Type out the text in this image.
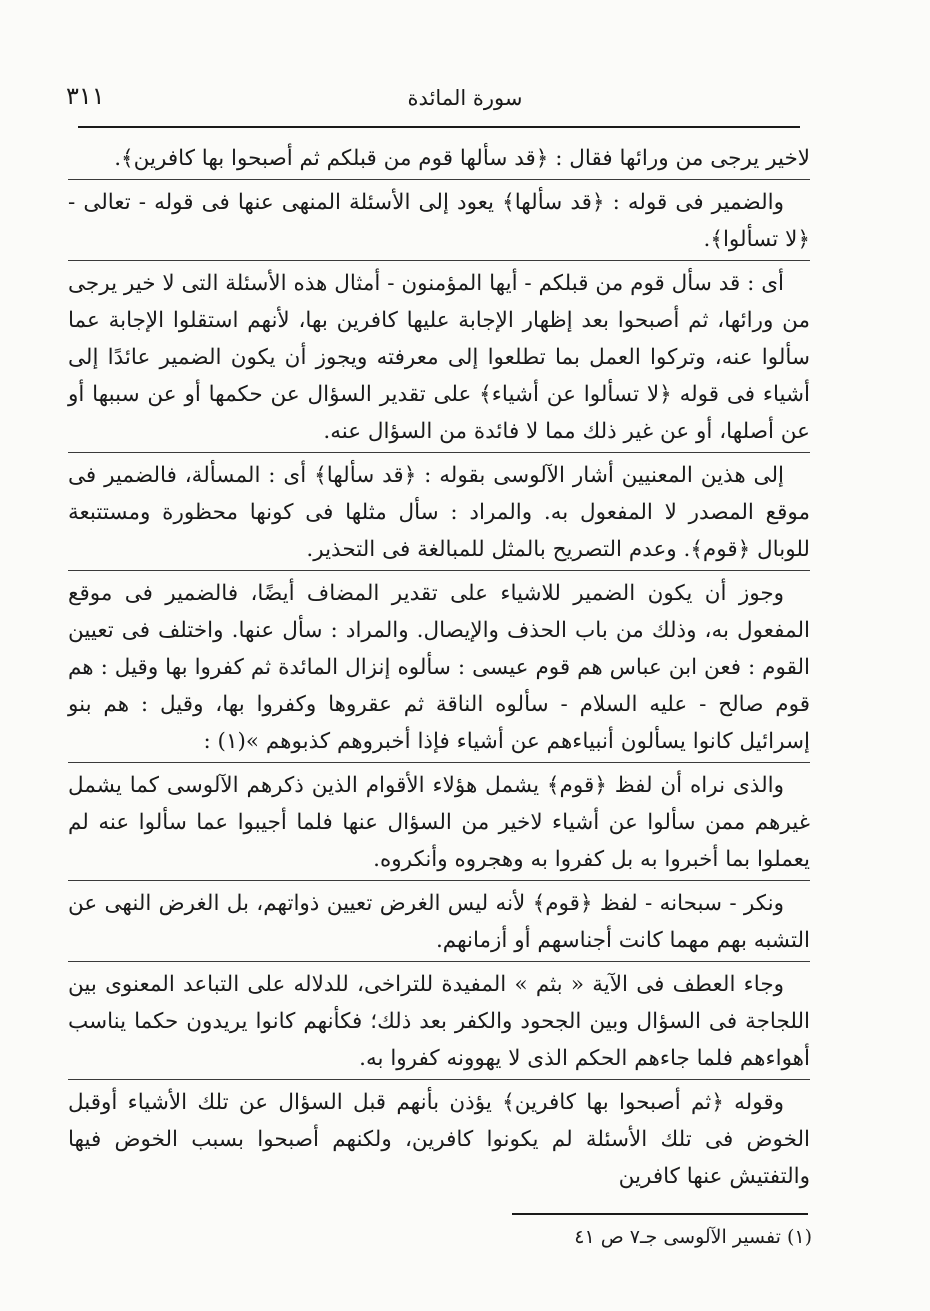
٣١١	سورة المائدة

لاخير يرجى من ورائها فقال : ﴿قد سألها قوم من قبلكم ثم أصبحوا بها كافرين﴾.

والضمير فى قوله : ﴿قد سألها﴾ يعود إلى الأسئلة المنهى عنها فى قوله - تعالى - ﴿لا تسألوا﴾.

أى : قد سأل قوم من قبلكم - أيها المؤمنون - أمثال هذه الأسئلة التى لا خير يرجى من ورائها، ثم أصبحوا بعد إظهار الإجابة عليها كافرين بها، لأنهم استقلوا الإجابة عما سألوا عنه، وتركوا العمل بما تطلعوا إلى معرفته ويجوز أن يكون الضمير عائدًا إلى أشياء فى قوله ﴿لا تسألوا عن أشياء﴾ على تقدير السؤال عن حكمها أو عن سببها أو عن أصلها، أو عن غير ذلك مما لا فائدة من السؤال عنه.

إلى هذين المعنيين أشار الآلوسى بقوله : ﴿قد سألها﴾ أى : المسألة، فالضمير فى موقع المصدر لا المفعول به. والمراد : سأل مثلها فى كونها محظورة ومستتبعة للوبال ﴿قوم﴾. وعدم التصريح بالمثل للمبالغة فى التحذير.

وجوز أن يكون الضمير للاشياء على تقدير المضاف أيضًا، فالضمير فى موقع المفعول به، وذلك من باب الحذف والإيصال. والمراد : سأل عنها. واختلف فى تعيين القوم : فعن ابن عباس هم قوم عيسى : سألوه إنزال المائدة ثم كفروا بها وقيل : هم قوم صالح - عليه السلام - سألوه الناقة ثم عقروها وكفروا بها، وقيل : هم بنو إسرائيل كانوا يسألون أنبياءهم عن أشياء فإذا أخبروهم كذبوهم »(١) :

والذى نراه أن لفظ ﴿قوم﴾ يشمل هؤلاء الأقوام الذين ذكرهم الآلوسى كما يشمل غيرهم ممن سألوا عن أشياء لاخير من السؤال عنها فلما أجيبوا عما سألوا عنه لم يعملوا بما أخبروا به بل كفروا به وهجروه وأنكروه.

ونكر - سبحانه - لفظ ﴿قوم﴾ لأنه ليس الغرض تعيين ذواتهم، بل الغرض النهى عن التشبه بهم مهما كانت أجناسهم أو أزمانهم.

وجاء العطف فى الآية « بثم » المفيدة للتراخى، للدلاله على التباعد المعنوى بين اللجاجة فى السؤال وبين الجحود والكفر بعد ذلك؛ فكأنهم كانوا يريدون حكما يناسب أهواءهم فلما جاءهم الحكم الذى لا يهوونه كفروا به.

وقوله ﴿ثم أصبحوا بها كافرين﴾ يؤذن بأنهم قبل السؤال عن تلك الأشياء أوقبل الخوض فى تلك الأسئلة لم يكونوا كافرين، ولكنهم أصبحوا بسبب الخوض فيها والتفتيش عنها كافرين

(١) تفسير الآلوسى جـ٧ ص ٤١
